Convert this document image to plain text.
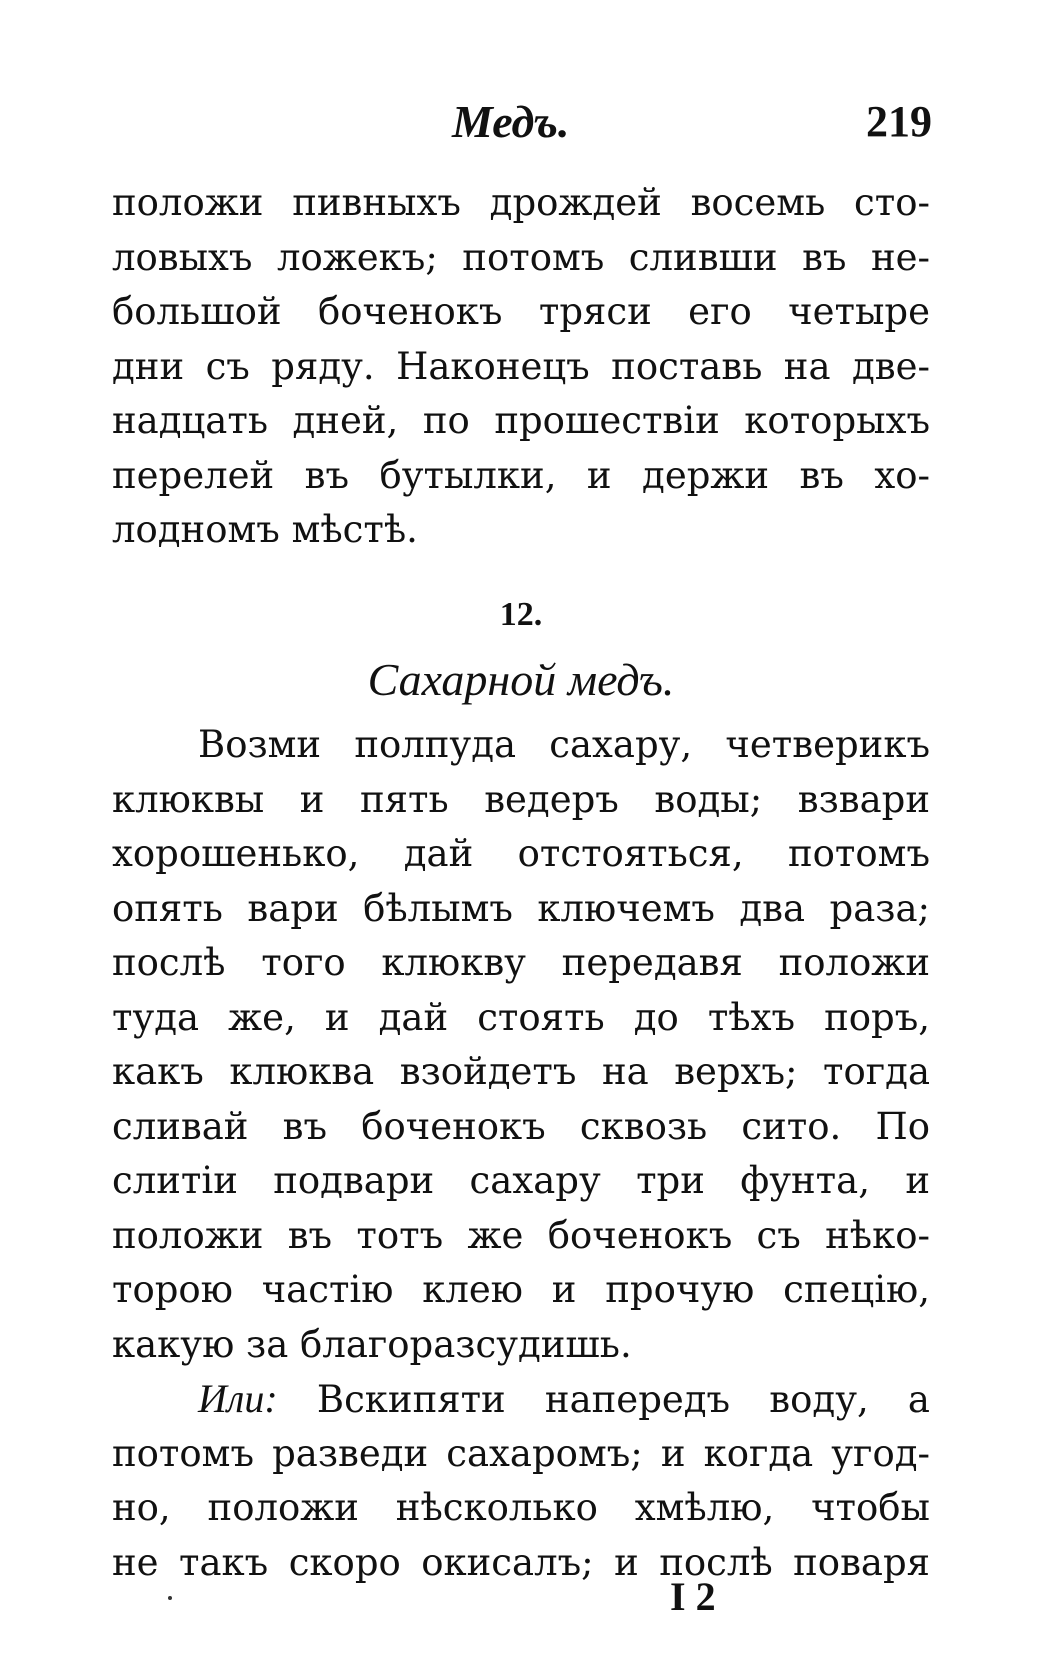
Медъ.	219
положи пивныхъ дрождей восемь сто-
ловыхъ ложекъ; потомъ сливши въ не-
большой боченокъ тряси его четыре
дни съ ряду. Наконецъ поставь на две-
надцать дней, по прошествіи которыхъ
перелей въ бутылки, и держи въ хо-
лодномъ мѣстѣ.
12.
Сахарной медъ.
Возми полпуда сахару, четверикъ
клюквы и пять ведеръ воды; взвари
хорошенько, дай отстояться, потомъ
опять вари бѣлымъ ключемъ два раза;
послѣ того клюкву передавя положи
туда же, и дай стоять до тѣхъ поръ,
какъ клюква взойдетъ на верхъ; тогда
сливай въ боченокъ сквозь сито. По
слитіи подвари сахару три фунта, и
положи въ тотъ же боченокъ съ нѣко-
торою частію клею и прочую спецію,
какую за благоразсудишь.
Или: Вскипяти напередъ воду, а
потомъ разведи сахаромъ; и когда угод-
но, положи нѣсколько хмѣлю, чтобы
не такъ скоро окисалъ; и послѣ поваря
I 2
